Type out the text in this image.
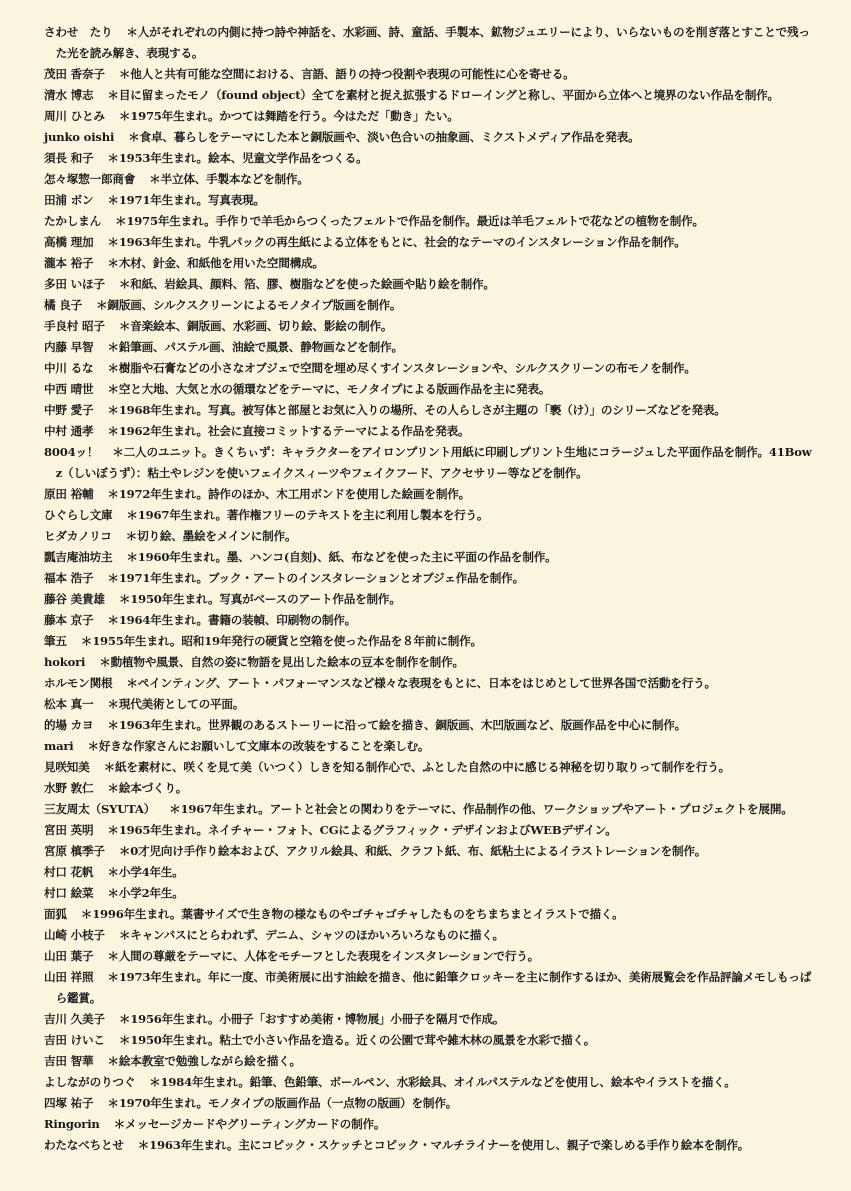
さわせ　たり ＊人がそれぞれの内側に持つ詩や神話を、水彩画、詩、童話、手製本、鉱物ジュエリーにより、いらないものを削ぎ落とすことで残った光を読み解き、表現する。
茂田 香奈子 ＊他人と共有可能な空間における、言語、語りの持つ役割や表現の可能性に心を寄せる。
清水 博志 ＊目に留まったモノ（found object）全てを素材と捉え拡張するドローイングと称し、平面から立体へと境界のない作品を制作。
周川 ひとみ ＊1975年生まれ。かつては舞踏を行う。今はただ「動き」たい。
junko oishi ＊食卓、暮らしをテーマにした本と銅版画や、淡い色合いの抽象画、ミクストメディア作品を発表。
須長 和子 ＊1953年生まれ。絵本、児童文学作品をつくる。
怎々塚惣一郎商會 ＊半立体、手製本などを制作。
田浦 ボン ＊1971年生まれ。写真表現。
たかしまん ＊1975年生まれ。手作りで羊毛からつくったフェルトで作品を制作。最近は羊毛フェルトで花などの植物を制作。
高橋 理加 ＊1963年生まれ。牛乳パックの再生紙による立体をもとに、社会的なテーマのインスタレーション作品を制作。
瀧本 裕子 ＊木材、針金、和紙他を用いた空間構成。
多田 いほ子 ＊和紙、岩絵具、顔料、箔、膠、樹脂などを使った絵画や貼り絵を制作。
橘 良子 ＊銅版画、シルクスクリーンによるモノタイプ版画を制作。
手良村 昭子 ＊音楽絵本、銅版画、水彩画、切り絵、影絵の制作。
内藤 早智 ＊鉛筆画、パステル画、油絵で風景、静物画などを制作。
中川 るな ＊樹脂や石膏などの小さなオブジェで空間を埋め尽くすインスタレーションや、シルクスクリーンの布モノを制作。
中西 晴世 ＊空と大地、大気と水の循環などをテーマに、モノタイプによる版画作品を主に発表。
中野 愛子 ＊1968年生まれ。写真。被写体と部屋とお気に入りの場所、その人らしさが主題の「褻（け）」のシリーズなどを発表。
中村 通孝 ＊1962年生まれ。社会に直接コミットするテーマによる作品を発表。
8004ッ！ ＊二人のユニット。きくちぃず：キャラクターをアイロンプリント用紙に印刷しプリント生地にコラージュした平面作品を制作。41Bowz（しいぼうず）：粘土やレジンを使いフェイクスィーツやフェイクフード、アクセサリー等などを制作。
原田 裕輔 ＊1972年生まれ。詩作のほか、木工用ボンドを使用した絵画を制作。
ひぐらし文庫 ＊1967年生まれ。著作権フリーのテキストを主に利用し製本を行う。
ヒダカノリコ ＊切り絵、墨絵をメインに制作。
瓢吉庵油坊主 ＊1960年生まれ。墨、ハンコ(自刻)、紙、布などを使った主に平面の作品を制作。
福本 浩子 ＊1971年生まれ。ブック・アートのインスタレーションとオブジェ作品を制作。
藤谷 美貴雄 ＊1950年生まれ。写真がベースのアート作品を制作。
藤本 京子 ＊1964年生まれ。書籍の装幀、印刷物の制作。
筆五 ＊1955年生まれ。昭和19年発行の硬貨と空箱を使った作品を８年前に制作。
hokori ＊動植物や風景、自然の姿に物語を見出した絵本の豆本を制作を制作。
ホルモン関根 ＊ペインティング、アート・パフォーマンスなど様々な表現をもとに、日本をはじめとして世界各国で活動を行う。
松本 真一 ＊現代美術としての平面。
的場 カヨ ＊1963年生まれ。世界観のあるストーリーに沿って絵を描き、銅版画、木凹版画など、版画作品を中心に制作。
mari ＊好きな作家さんにお願いして文庫本の改装をすることを楽しむ。
見咲知美 ＊紙を素材に、咲くを見て美（いつく）しきを知る制作心で、ふとした自然の中に感じる神秘を切り取りって制作を行う。
水野 敦仁 ＊絵本づくり。
三友周太（SYUTA） ＊1967年生まれ。アートと社会との関わりをテーマに、作品制作の他、ワークショップやアート・プロジェクトを展開。
宮田 英明 ＊1965年生まれ。ネイチャー・フォト、CGによるグラフィック・デザインおよびWEBデザイン。
宮原 槙季子 ＊0才児向け手作り絵本および、アクリル絵具、和紙、クラフト紙、布、紙粘土によるイラストレーションを制作。
村口 花帆 ＊小学4年生。
村口 絵菜 ＊小学2年生。
面狐 ＊1996年生まれ。葉書サイズで生き物の様なものやゴチャゴチャしたものをちまちまとイラストで描く。
山崎 小枝子 ＊キャンバスにとらわれず、デニム、シャツのほかいろいろなものに描く。
山田 葉子 ＊人間の尊厳をテーマに、人体をモチーフとした表現をインスタレーションで行う。
山田 祥照 ＊1973年生まれ。年に一度、市美術展に出す油絵を描き、他に鉛筆クロッキーを主に制作するほか、美術展覧会を作品評論メモしもっぱら鑑賞。
吉川 久美子 ＊1956年生まれ。小冊子「おすすめ美術・博物展」小冊子を隔月で作成。
吉田 けいこ ＊1950年生まれ。粘土で小さい作品を造る。近くの公園で茸や雑木林の風景を水彩で描く。
吉田 智華 ＊絵本教室で勉強しながら絵を描く。
よしながのりつぐ ＊1984年生まれ。鉛筆、色鉛筆、ボールペン、水彩絵具、オイルパステルなどを使用し、絵本やイラストを描く。
四塚 祐子 ＊1970年生まれ。モノタイプの版画作品（一点物の版画）を制作。
Ringorin ＊メッセージカードやグリーティングカードの制作。
わたなべちとせ ＊1963年生まれ。主にコピック・スケッチとコピック・マルチライナーを使用し、親子で楽しめる手作り絵本を制作。
